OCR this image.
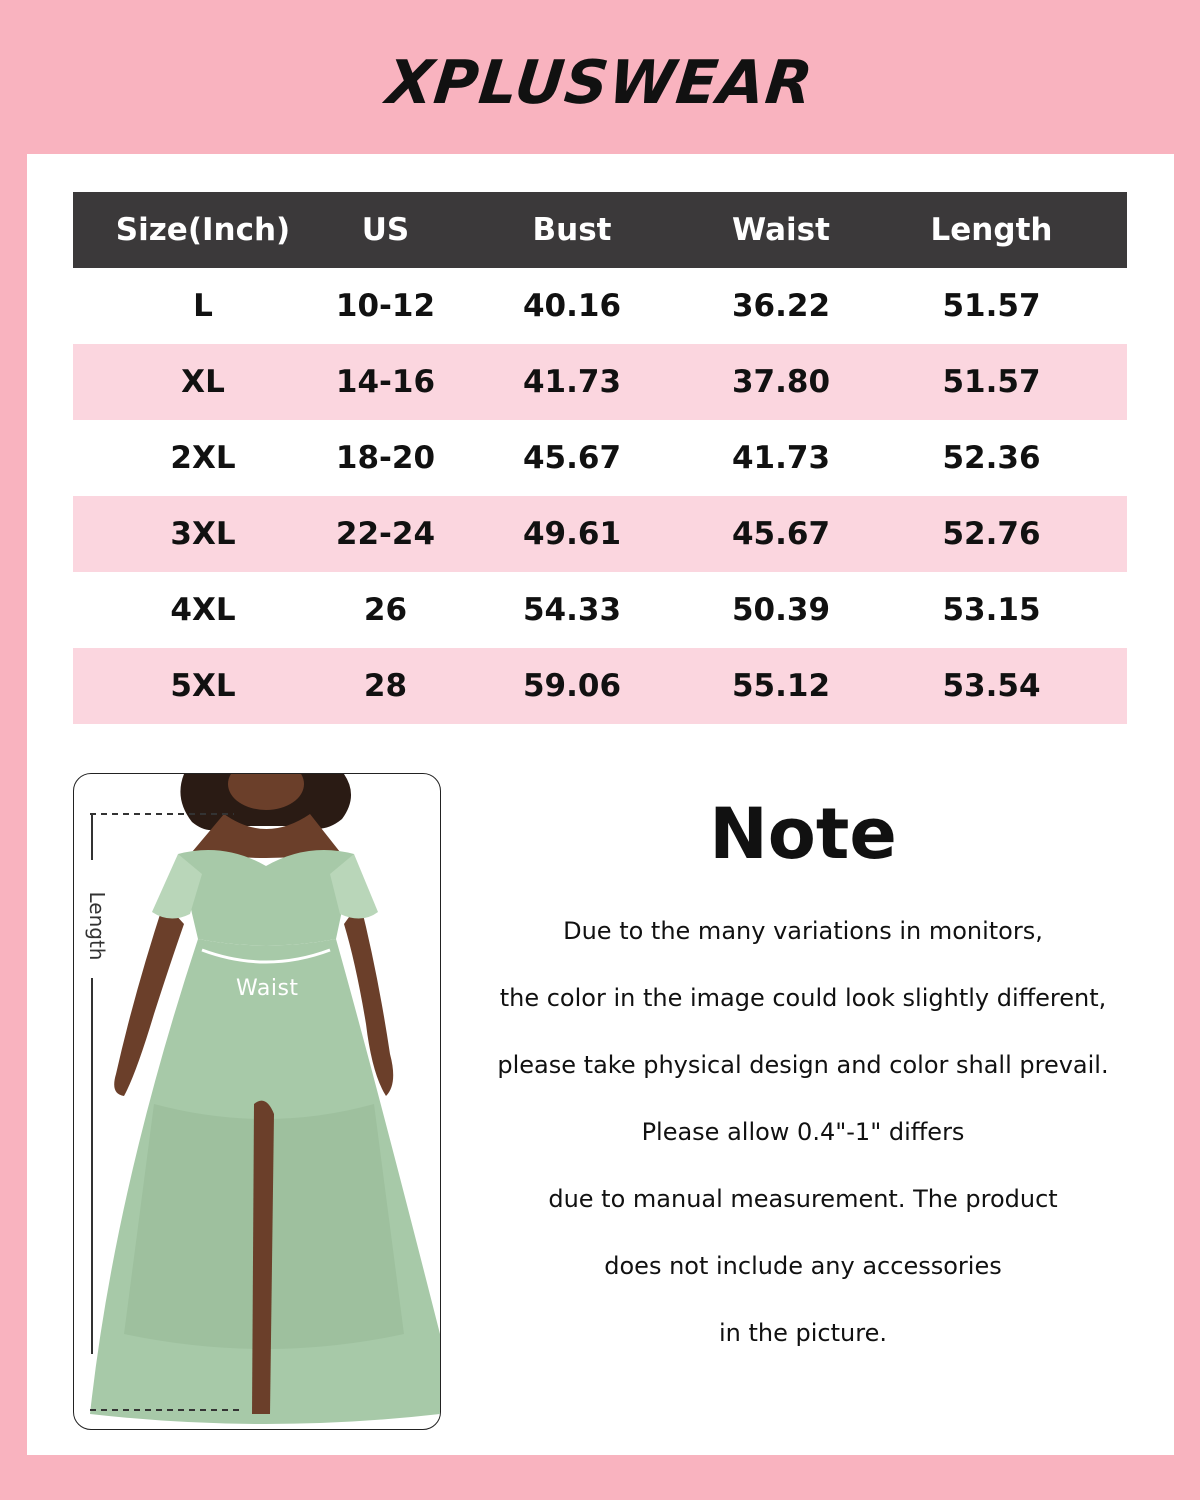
XPLUSWEAR
Size(Inch)	US	Bust	Waist	Length
L	10-12	40.16	36.22	51.57
XL	14-16	41.73	37.80	51.57
2XL	18-20	45.67	41.73	52.36
3XL	22-24	49.61	45.67	52.76
4XL	26	54.33	50.39	53.15
5XL	28	59.06	55.12	53.54
Length
Waist
Note
Due to the many variations in monitors,
the color in the image could look slightly different,
please take physical design and color shall prevail.
Please allow 0.4"-1" differs
due to manual measurement. The product
does not include any accessories
in the picture.
